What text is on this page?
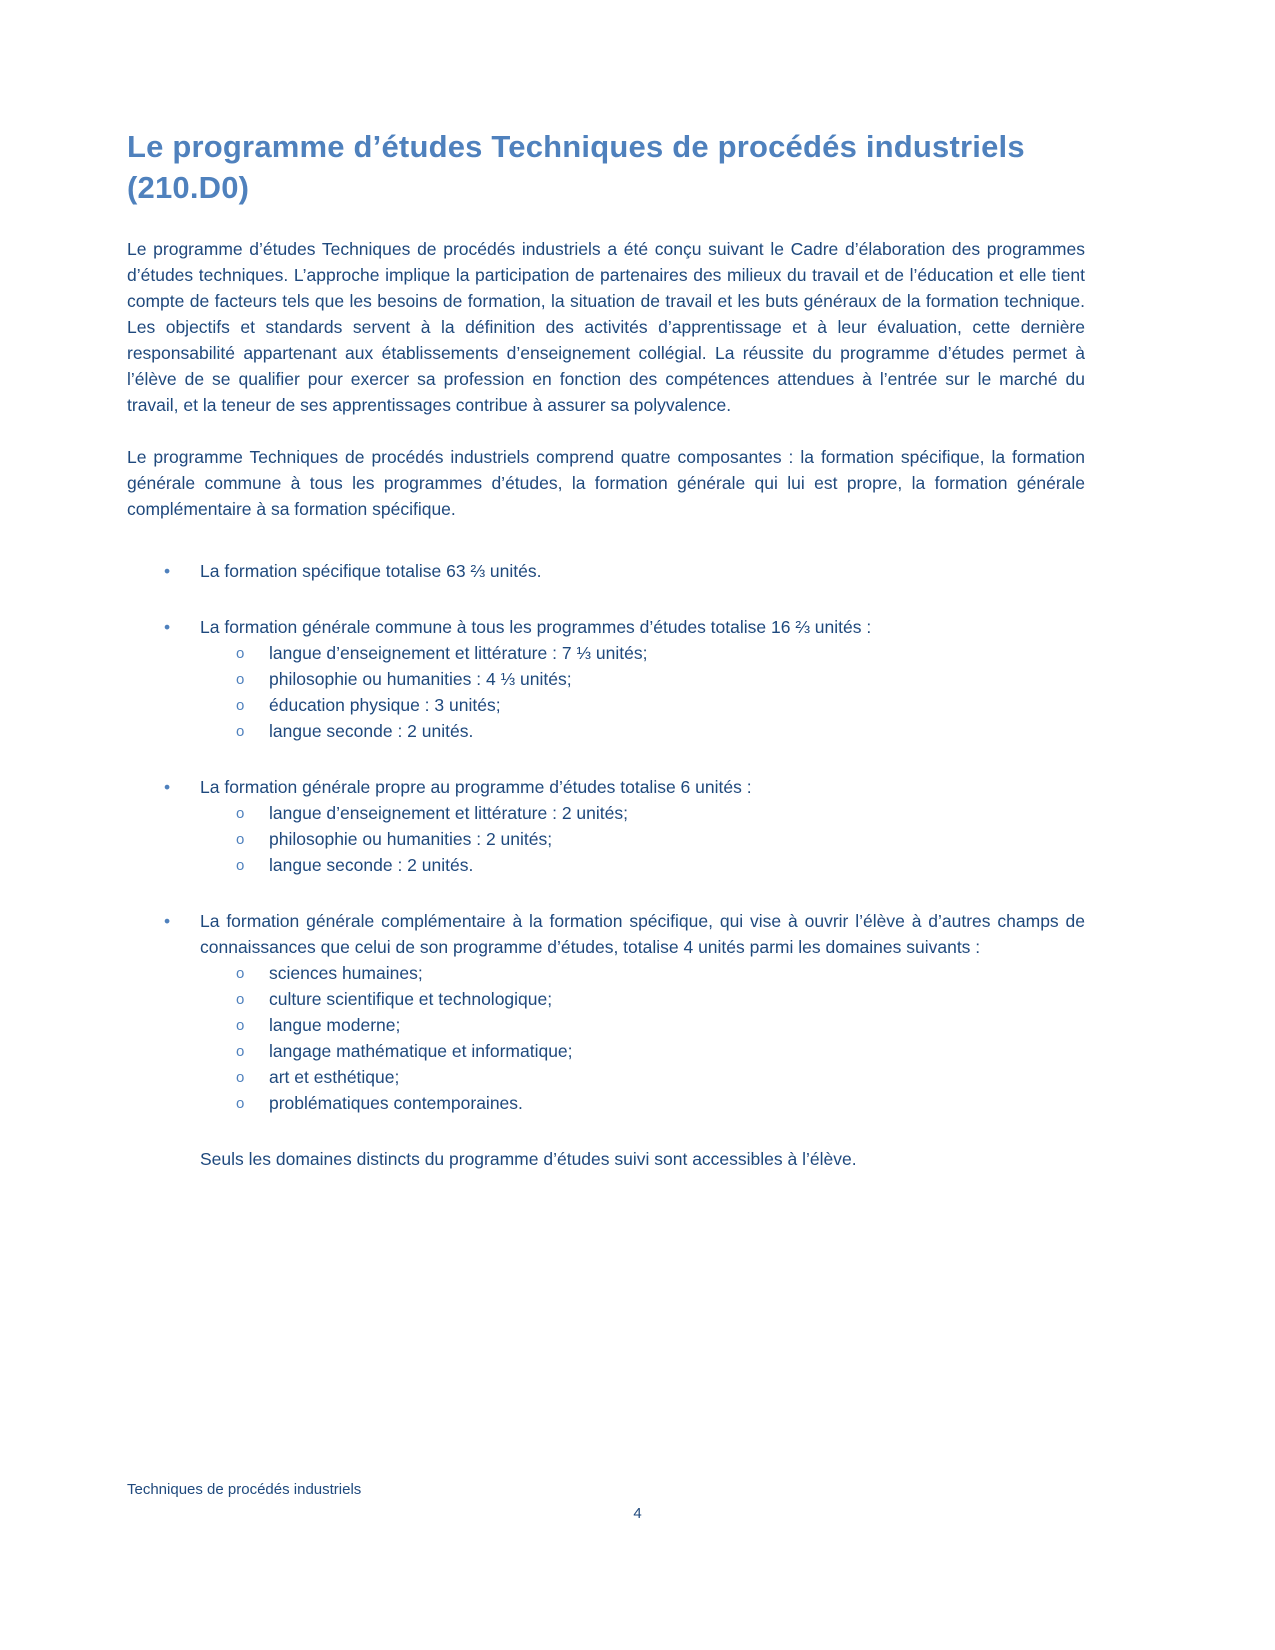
Le programme d’études Techniques de procédés industriels (210.D0)

Le programme d’études Techniques de procédés industriels a été conçu suivant le Cadre d’élaboration des programmes d’études techniques. L’approche implique la participation de partenaires des milieux du travail et de l’éducation et elle tient compte de facteurs tels que les besoins de formation, la situation de travail et les buts généraux de la formation technique. Les objectifs et standards servent à la définition des activités d’apprentissage et à leur évaluation, cette dernière responsabilité appartenant aux établissements d’enseignement collégial. La réussite du programme d’études permet à l’élève de se qualifier pour exercer sa profession en fonction des compétences attendues à l’entrée sur le marché du travail, et la teneur de ses apprentissages contribue à assurer sa polyvalence.

Le programme Techniques de procédés industriels comprend quatre composantes : la formation spécifique, la formation générale commune à tous les programmes d’études, la formation générale qui lui est propre, la formation générale complémentaire à sa formation spécifique.

•
La formation spécifique totalise 63 ⅔ unités.
•
La formation générale commune à tous les programmes d’études totalise 16 ⅔ unités :
o
langue d’enseignement et littérature : 7 ⅓ unités;
o
philosophie ou humanities : 4 ⅓ unités;
o
éducation physique : 3 unités;
o
langue seconde : 2 unités.
•
La formation générale propre au programme d’études totalise 6 unités :
o
langue d’enseignement et littérature : 2 unités;
o
philosophie ou humanities : 2 unités;
o
langue seconde : 2 unités.
•
La formation générale complémentaire à la formation spécifique, qui vise à ouvrir l’élève à d’autres champs de connaissances que celui de son programme d’études, totalise 4 unités parmi les domaines suivants :
o
sciences humaines;
o
culture scientifique et technologique;
o
langue moderne;
o
langage mathématique et informatique;
o
art et esthétique;
o
problématiques contemporaines.

Seuls les domaines distincts du programme d’études suivi sont accessibles à l’élève.

Techniques de procédés industriels
4
